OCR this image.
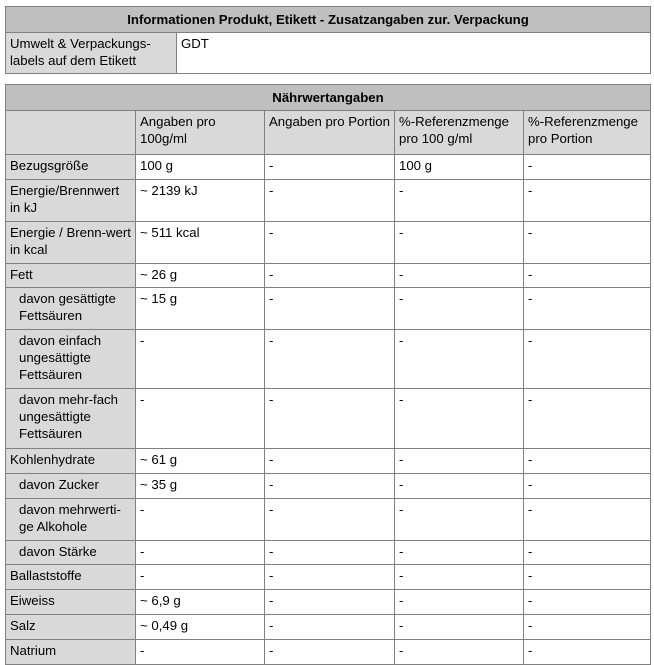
Informationen Produkt, Etikett - Zusatzangaben zur. Verpackung
Umwelt & Verpackungs-labels auf dem Etikett	GDT
Nährwertangaben				
	Angaben pro 100g/ml	Angaben pro Portion	%-Referenzmenge pro 100 g/ml	%-Referenzmenge pro Portion
Bezugsgröße	100 g	-	100 g	-
Energie/Brennwert in kJ	~ 2139 kJ	-	-	-
Energie / Brenn-wert in kcal	~ 511 kcal	-	-	-
Fett	~ 26 g	-	-	-
davon gesättigte Fettsäuren	~ 15 g	-	-	-
davon einfach ungesättigte Fettsäuren	-	-	-	-
davon mehr-fach ungesättigte Fettsäuren	-	-	-	-
Kohlenhydrate	~ 61 g	-	-	-
davon Zucker	~ 35 g	-	-	-
davon mehrwerti-ge Alkohole	-	-	-	-
davon Stärke	-	-	-	-
Ballaststoffe	-	-	-	-
Eiweiss	~ 6,9 g	-	-	-
Salz	~ 0,49 g	-	-	-
Natrium	-	-	-	-
